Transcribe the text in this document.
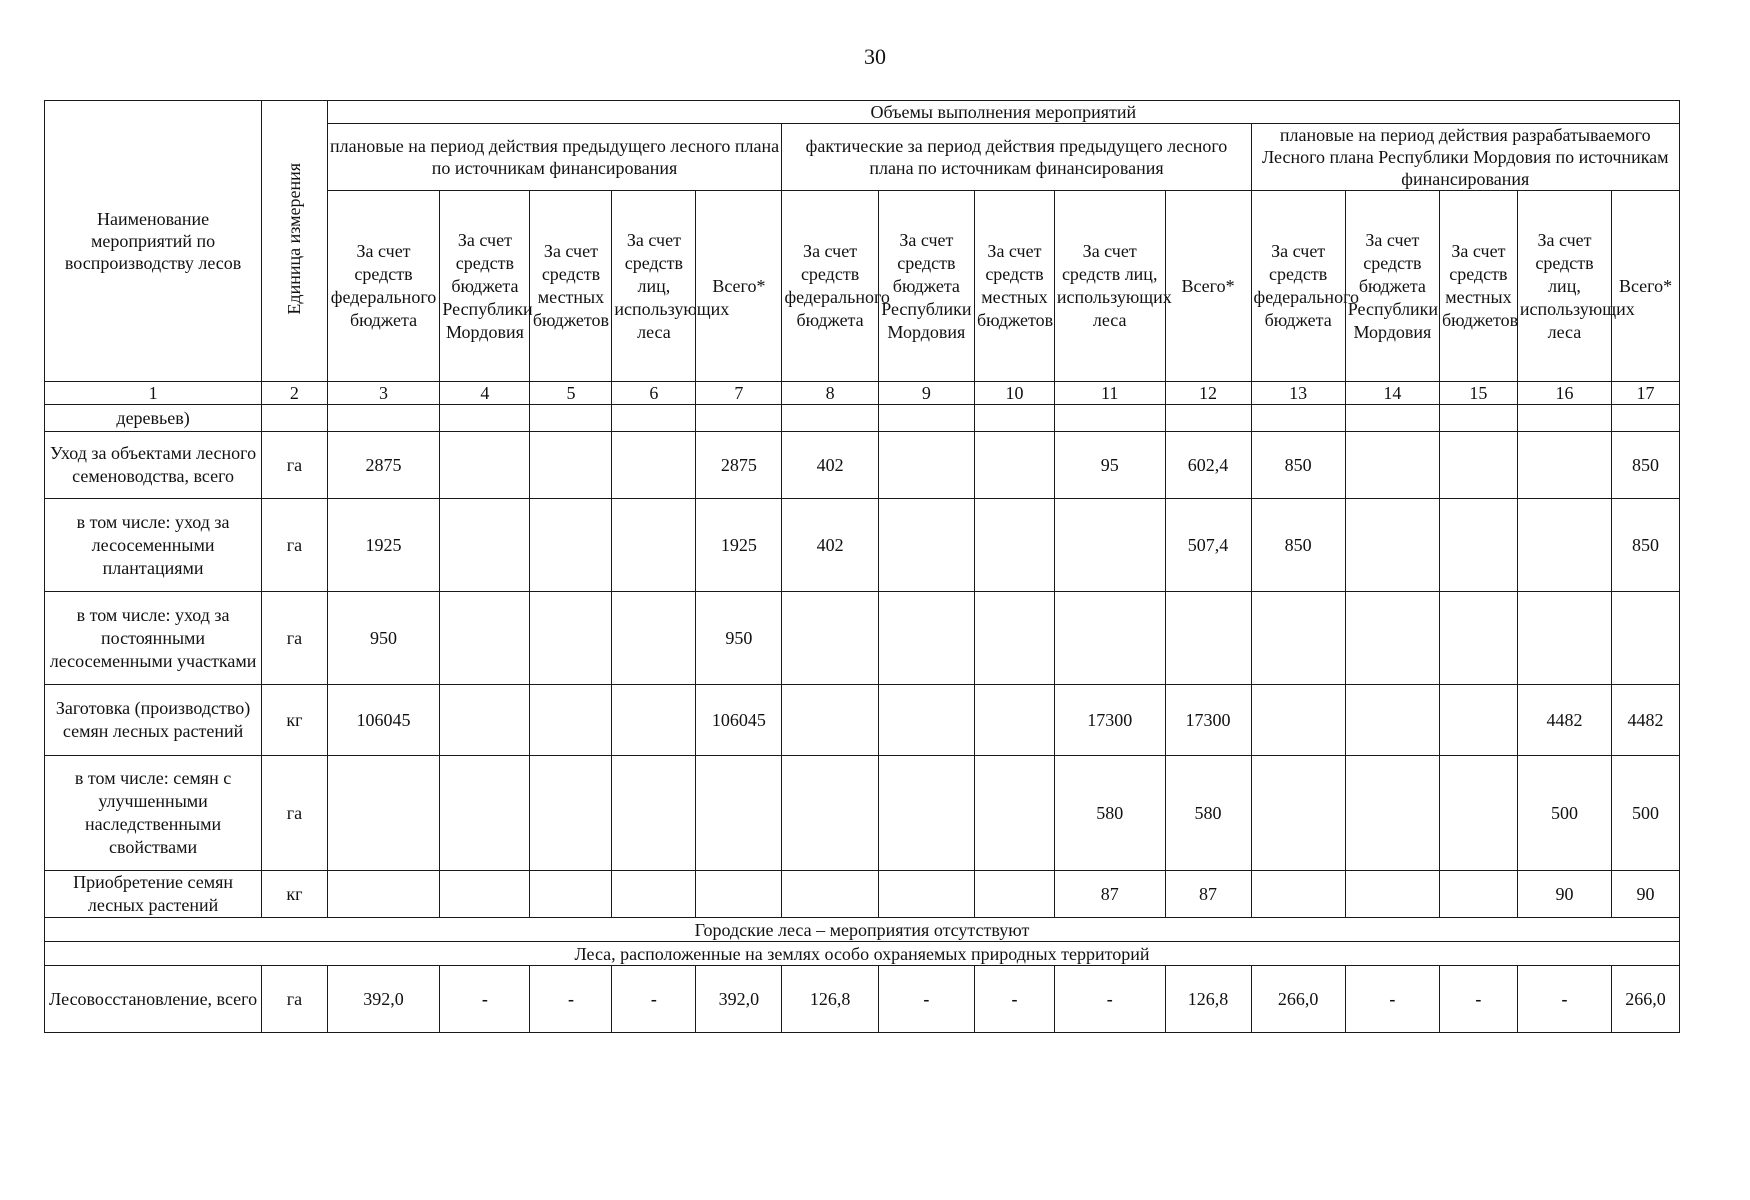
30
Наименование мероприятий по воспроизводству лесов	Единица измерения	Объемы выполнения мероприятий														
		плановые на период действия предыдущего лесного плана по источникам финансирования					фактические за период действия предыдущего лесного плана по источникам финансирования					плановые на период действия разрабатываемого Лесного плана Республики Мордовия по источникам финансирования				
		За счет средств федерального бюджета	За счет средств бюджета Республики Мордовия	За счет средств местных бюджетов	За счет средств лиц, использующих леса	Всего*	За счет средств федерального бюджета	За счет средств бюджета Республики Мордовия	За счет средств местных бюджетов	За счет средств лиц, использующих леса	Всего*	За счет средств федерального бюджета	За счет средств бюджета Республики Мордовия	За счет средств местных бюджетов	За счет средств лиц, использующих леса	Всего*
1	2	3	4	5	6	7	8	9	10	11	12	13	14	15	16	17
деревьев)																
Уход за объектами лесного семеноводства, всего	га	2875				2875	402			95	602,4	850				850
в том числе: уход за лесосеменными плантациями	га	1925				1925	402				507,4	850				850
в том числе: уход за постоянными лесосеменными участками	га	950				950										
Заготовка (производство) семян лесных растений	кг	106045				106045				17300	17300				4482	4482
в том числе: семян с улучшенными наследственными свойствами	га									580	580				500	500
Приобретение семян лесных растений	кг									87	87				90	90
Городские леса – мероприятия отсутствуют																
Леса, расположенные на землях особо охраняемых природных территорий																
Лесовосстановление, всего	га	392,0	-	-	-	392,0	126,8	-	-	-	126,8	266,0	-	-	-	266,0
